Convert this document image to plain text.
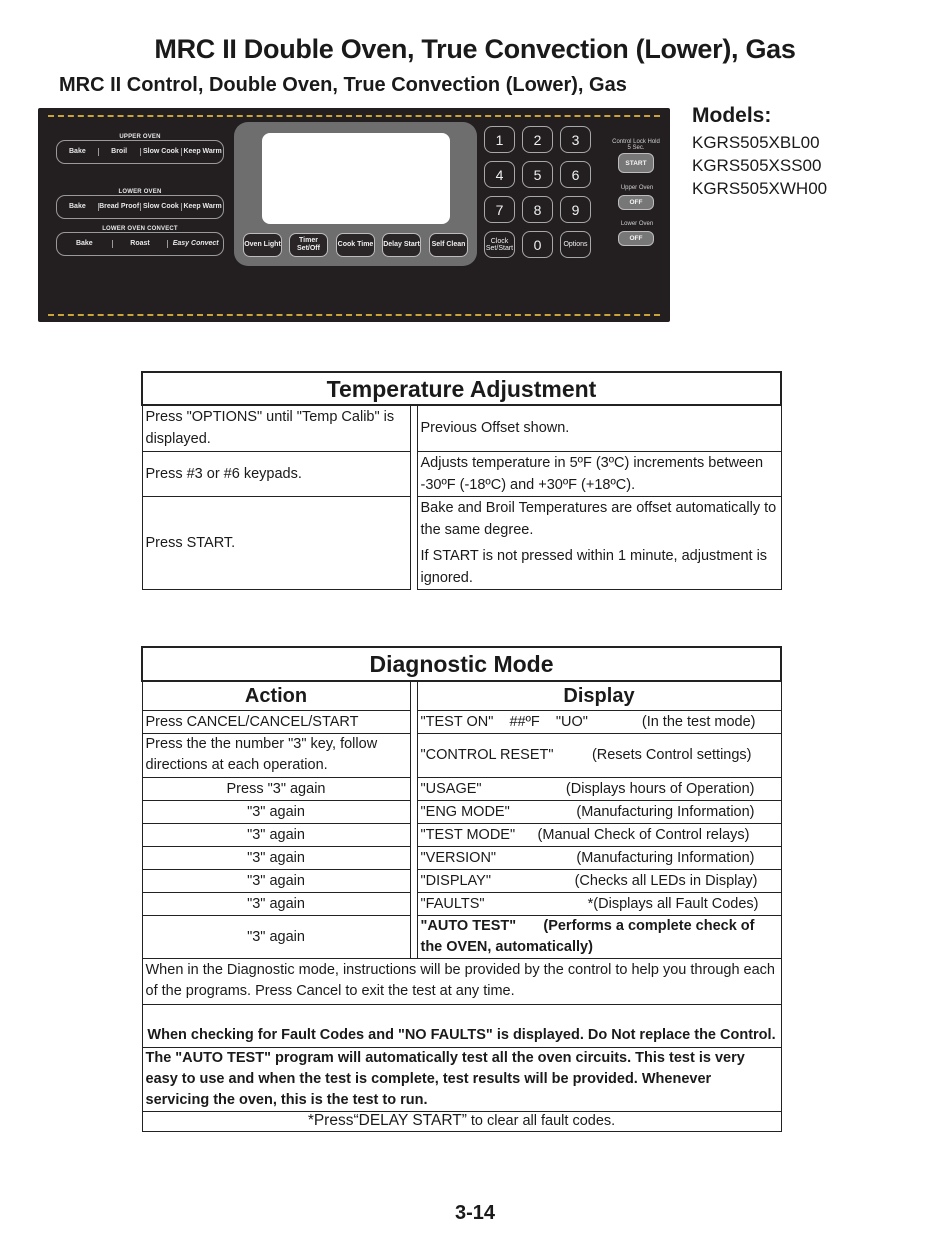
MRC II Double Oven, True Convection (Lower), Gas
MRC II Control, Double Oven, True Convection (Lower), Gas
UPPER OVEN
Bake	Broil	Slow Cook Keep Warm
LOWER OVEN
Bake	Bread Proof Slow Cook Keep Warm
LOWER OVEN CONVECT
Bake	Roast	Easy Convect	Oven Light
Timer Set/Off
Cook Time Delay Start	Self Clean
1	2	3
4	5	6
7	8	9
Clock Set/Start	0	Options
Control Lock Hold 5 Sec.
START
Upper Oven
OFF
Lower Oven
OFF
Models:
KGRS505XBL00
KGRS505XSS00
KGRS505XWH00
Temperature Adjustment		
Press "OPTIONS" until "Temp Calib" is displayed.		Previous Offset shown.
Press #3 or #6 keypads.		Adjusts temperature in 5ºF (3ºC) increments between -30ºF (-18ºC) and +30ºF (+18ºC).
Press START.		Bake and Broil Temperatures are offset automatically to the same degree.
If START is not pressed within 1 minute, adjustment is ignored.
Diagnostic Mode		
Action		Display
Press CANCEL/CANCEL/START		"TEST ON"    ##ºF    "UO" (In the test mode)

Press the the number "3" key, follow directions at each operation.		"CONTROL RESET" (Resets Control settings)

Press "3" again		"USAGE" (Displays hours of Operation)

"3" again		"ENG MODE" (Manufacturing Information)

"3" again		"TEST MODE" (Manual Check of Control relays)

"3" again		"VERSION" (Manufacturing Information)

"3" again		"DISPLAY" (Checks all LEDs in Display)

"3" again		"FAULTS" *(Displays all Fault Codes)

"3" again		"AUTO TEST" (Performs a complete check of
the OVEN, automatically)

When in the Diagnostic mode, instructions will be provided by the control to help you through each of the programs. Press Cancel to exit the test at any time.		
When checking for Fault Codes and "NO FAULTS" is displayed. Do Not replace the Control.		
The "AUTO TEST" program will automatically test all the oven circuits. This test is very easy to use and when the test is complete, test results will be provided. Whenever servicing the oven, this is the test to run.		
*Press“DELAY START” to clear all fault codes.		
3-14
